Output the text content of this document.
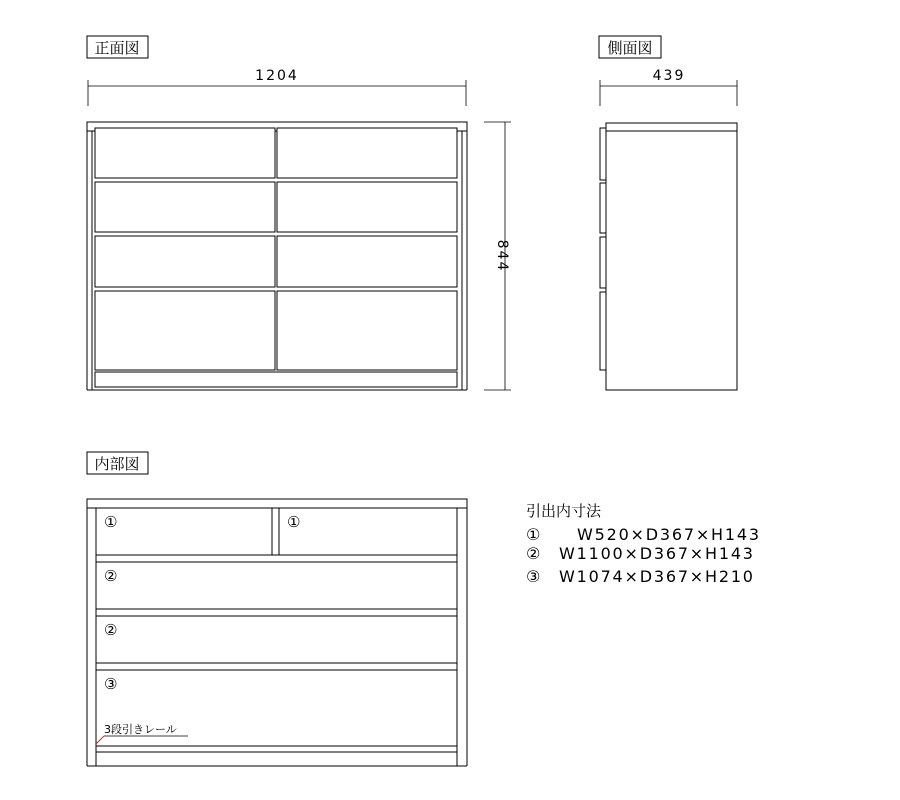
正面図
1204
844
側面図
439
内部図
①	①
②
②
③
3段引きレール
引出内寸法
① W520×D367×H143
② W1100×D367×H143
③ W1074×D367×H210
